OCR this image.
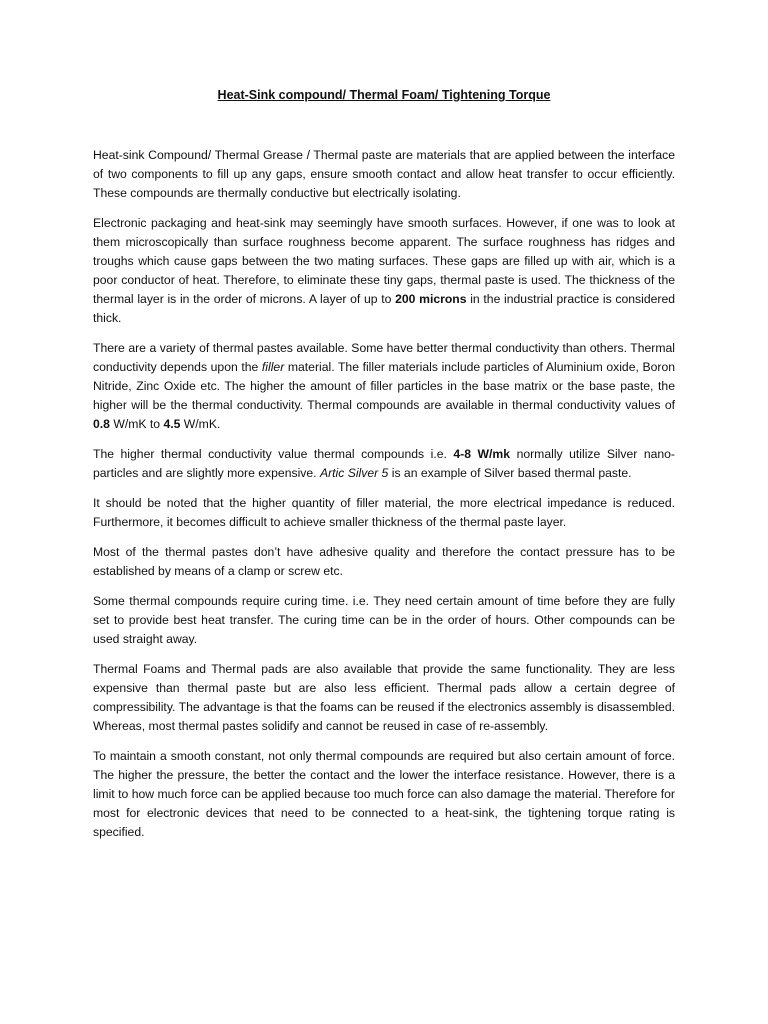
Heat-Sink compound/ Thermal Foam/ Tightening Torque

Heat-sink Compound/ Thermal Grease / Thermal paste are materials that are applied between the interface of two components to fill up any gaps, ensure smooth contact and allow heat transfer to occur efficiently. These compounds are thermally conductive but electrically isolating.

Electronic packaging and heat-sink may seemingly have smooth surfaces. However, if one was to look at them microscopically than surface roughness become apparent. The surface roughness has ridges and troughs which cause gaps between the two mating surfaces. These gaps are filled up with air, which is a poor conductor of heat. Therefore, to eliminate these tiny gaps, thermal paste is used. The thickness of the thermal layer is in the order of microns. A layer of up to 200 microns in the industrial practice is considered thick.

There are a variety of thermal pastes available. Some have better thermal conductivity than others. Thermal conductivity depends upon the filler material. The filler materials include particles of Aluminium oxide, Boron Nitride, Zinc Oxide etc. The higher the amount of filler particles in the base matrix or the base paste, the higher will be the thermal conductivity. Thermal compounds are available in thermal conductivity values of 0.8 W/mK to 4.5 W/mK.

The higher thermal conductivity value thermal compounds i.e. 4-8 W/mk normally utilize Silver nano- particles and are slightly more expensive. Artic Silver 5 is an example of Silver based thermal paste.

It should be noted that the higher quantity of filler material, the more electrical impedance is reduced. Furthermore, it becomes difficult to achieve smaller thickness of the thermal paste layer.

Most of the thermal pastes don’t have adhesive quality and therefore the contact pressure has to be established by means of a clamp or screw etc.

Some thermal compounds require curing time. i.e. They need certain amount of time before they are fully set to provide best heat transfer. The curing time can be in the order of hours. Other compounds can be used straight away.

Thermal Foams and Thermal pads are also available that provide the same functionality. They are less expensive than thermal paste but are also less efficient. Thermal pads allow a certain degree of compressibility. The advantage is that the foams can be reused if the electronics assembly is disassembled. Whereas, most thermal pastes solidify and cannot be reused in case of re-assembly.

To maintain a smooth constant, not only thermal compounds are required but also certain amount of force. The higher the pressure, the better the contact and the lower the interface resistance. However, there is a limit to how much force can be applied because too much force can also damage the material. Therefore for most for electronic devices that need to be connected to a heat-sink, the tightening torque rating is specified.
